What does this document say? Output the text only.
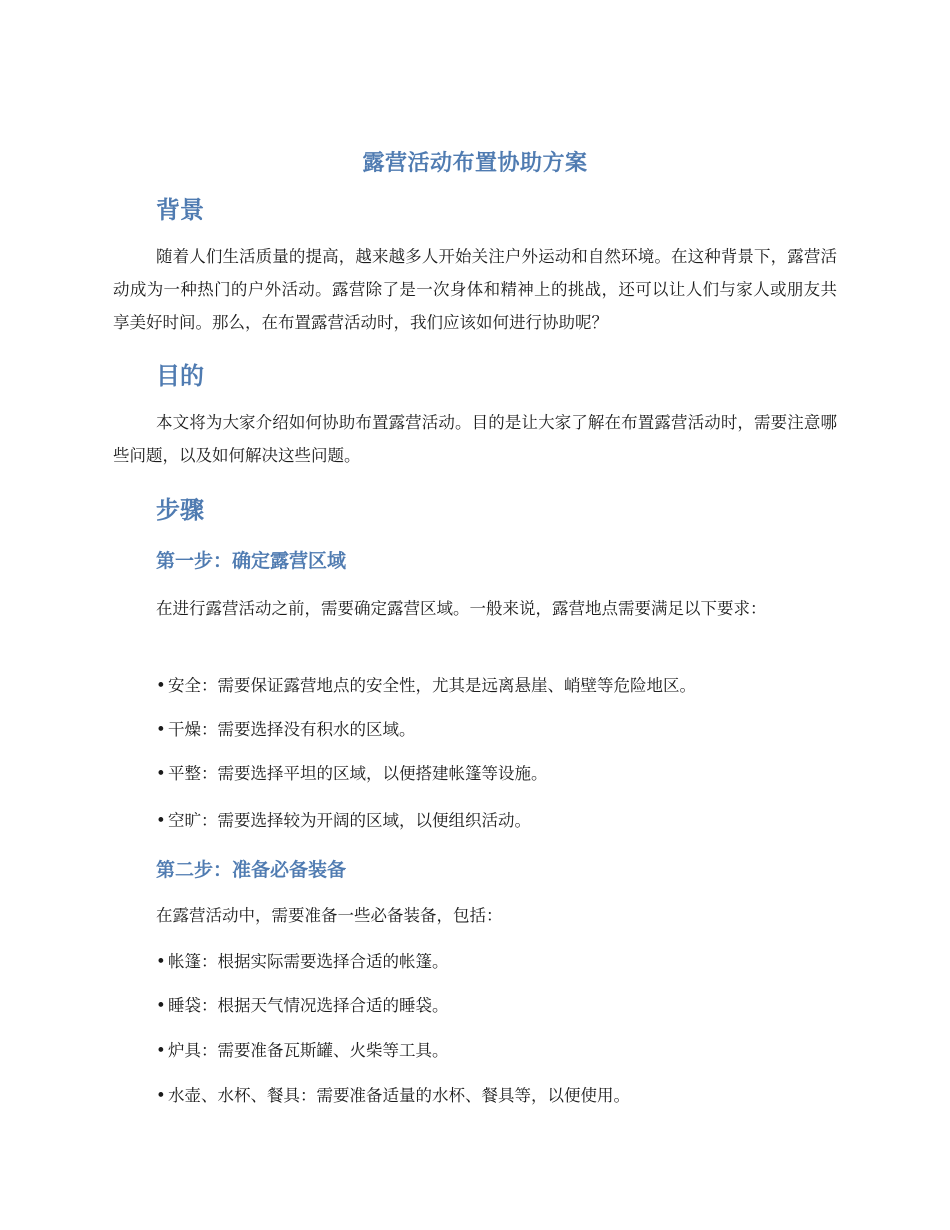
露营活动布置协助方案
背景

随着人们生活质量的提高，越来越多人开始关注户外运动和自然环境。在这种背景下，露营活动成为一种热门的户外活动。露营除了是一次身体和精神上的挑战，还可以让人们与家人或朋友共享美好时间。那么，在布置露营活动时，我们应该如何进行协助呢？

目的

本文将为大家介绍如何协助布置露营活动。目的是让大家了解在布置露营活动时，需要注意哪些问题，以及如何解决这些问题。

步骤
第一步：确定露营区域

在进行露营活动之前，需要确定露营区域。一般来说，露营地点需要满足以下要求：

• 安全：需要保证露营地点的安全性，尤其是远离悬崖、峭壁等危险地区。
• 干燥：需要选择没有积水的区域。
• 平整：需要选择平坦的区域，以便搭建帐篷等设施。
• 空旷：需要选择较为开阔的区域，以便组织活动。
第二步：准备必备装备
在露营活动中，需要准备一些必备装备，包括：
• 帐篷：根据实际需要选择合适的帐篷。
• 睡袋：根据天气情况选择合适的睡袋。
• 炉具：需要准备瓦斯罐、火柴等工具。
• 水壶、水杯、餐具：需要准备适量的水杯、餐具等，以便使用。
